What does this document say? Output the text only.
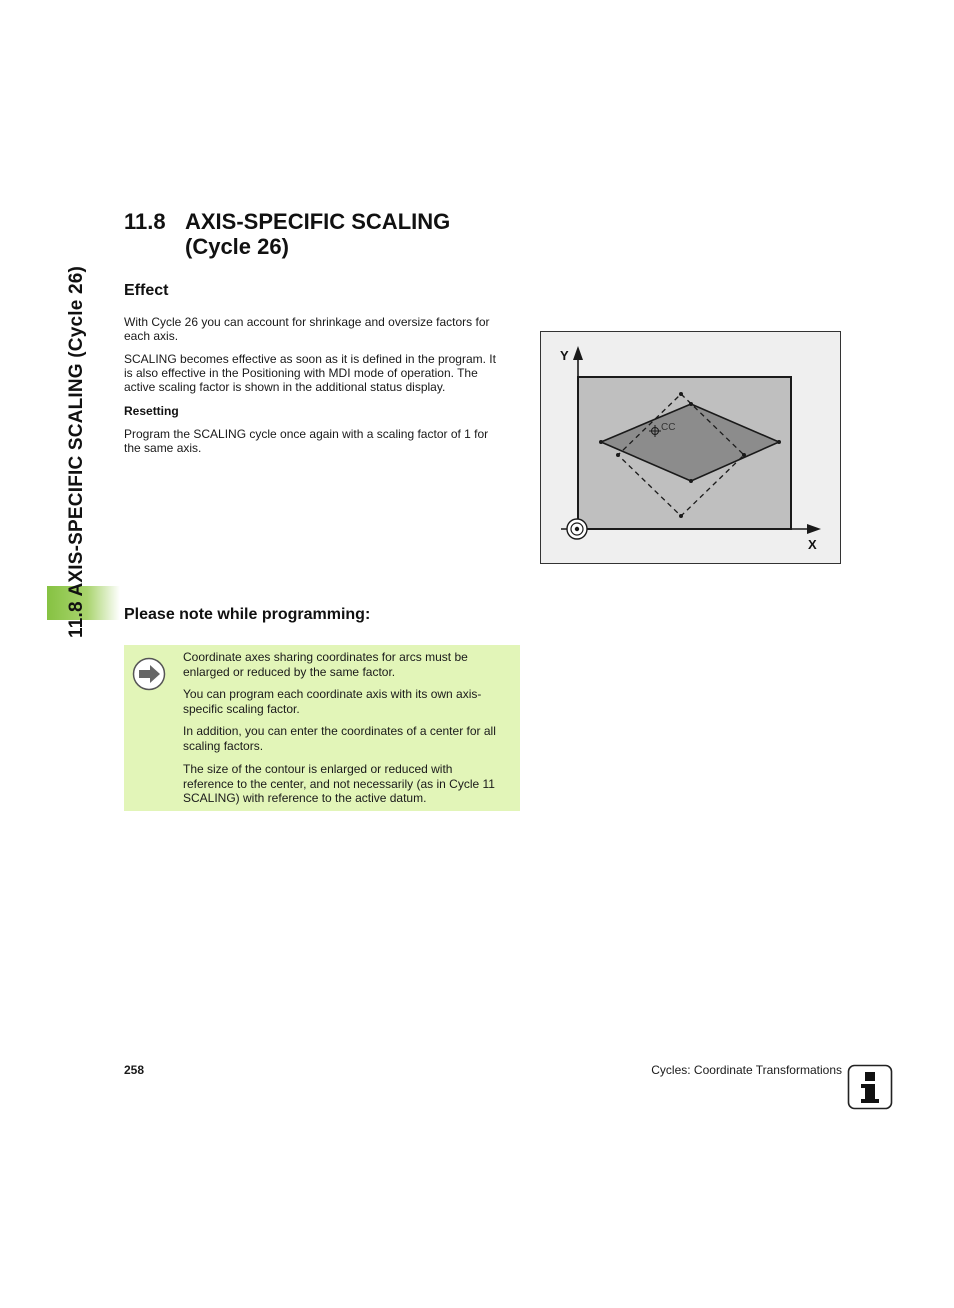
11.8 AXIS-SPECIFIC SCALING (Cycle 26)
11.8 AXIS-SPECIFIC SCALING
(Cycle 26)
Effect

With Cycle 26 you can account for shrinkage and oversize factors for
each axis.

SCALING becomes effective as soon as it is defined in the program. It
is also effective in the Positioning with MDI mode of operation. The
active scaling factor is shown in the additional status display.

Resetting

Program the SCALING cycle once again with a scaling factor of 1 for
the same axis.

CC
Y
X
Please note while programming:

Coordinate axes sharing coordinates for arcs must be
enlarged or reduced by the same factor.

You can program each coordinate axis with its own axis-
specific scaling factor.

In addition, you can enter the coordinates of a center for all
scaling factors.

The size of the contour is enlarged or reduced with
reference to the center, and not necessarily (as in Cycle 11
SCALING) with reference to the active datum.

258	Cycles: Coordinate Transformations
